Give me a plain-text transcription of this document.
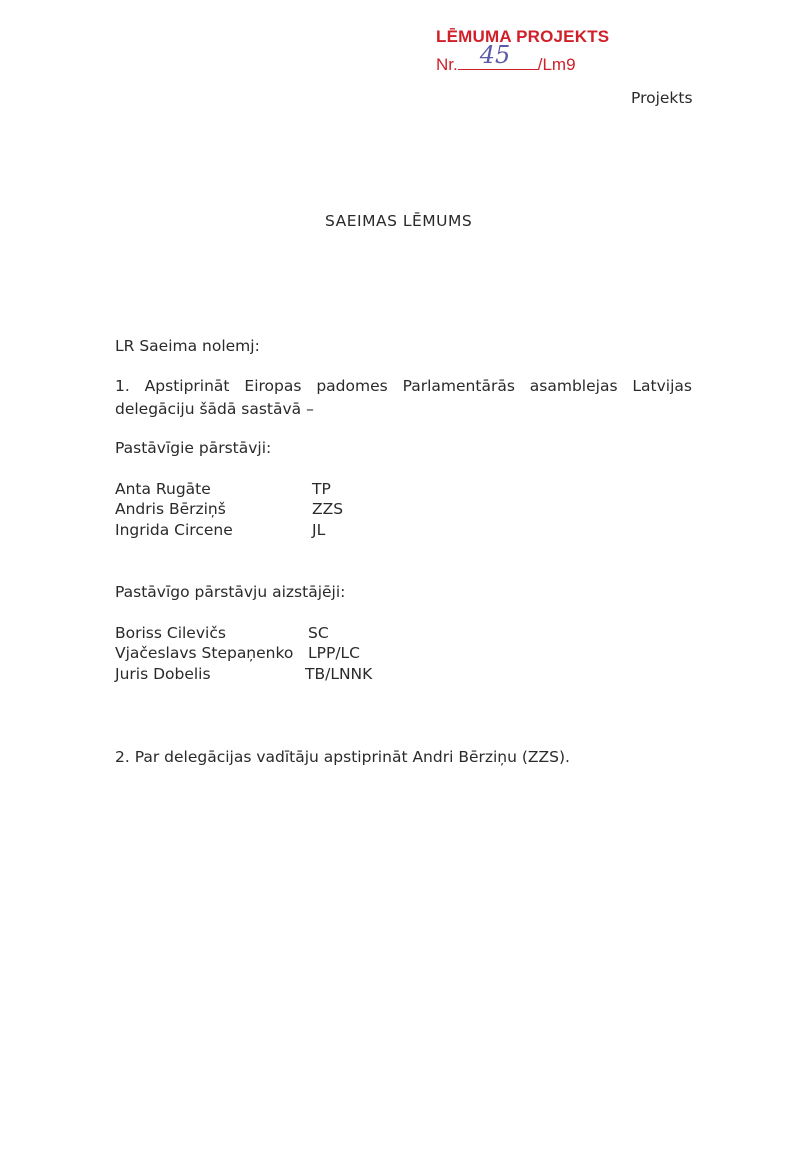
LĒMUMA PROJEKTS
Nr. 45 /Lm9
Projekts
SAEIMAS LĒMUMS
LR Saeima nolemj:
1. Apstiprināt Eiropas padomes Parlamentārās asamblejas Latvijas
delegāciju šādā sastāvā –
Pastāvīgie pārstāvji:
Anta Rugāte	TP
Andris Bērziņš	ZZS
Ingrida Circene	JL
Pastāvīgo pārstāvju aizstājēji:
Boriss Cilevičs	SC
Vjačeslavs Stepaņenko LPP/LC
Juris Dobelis	TB/LNNK
2. Par delegācijas vadītāju apstiprināt Andri Bērziņu (ZZS).
